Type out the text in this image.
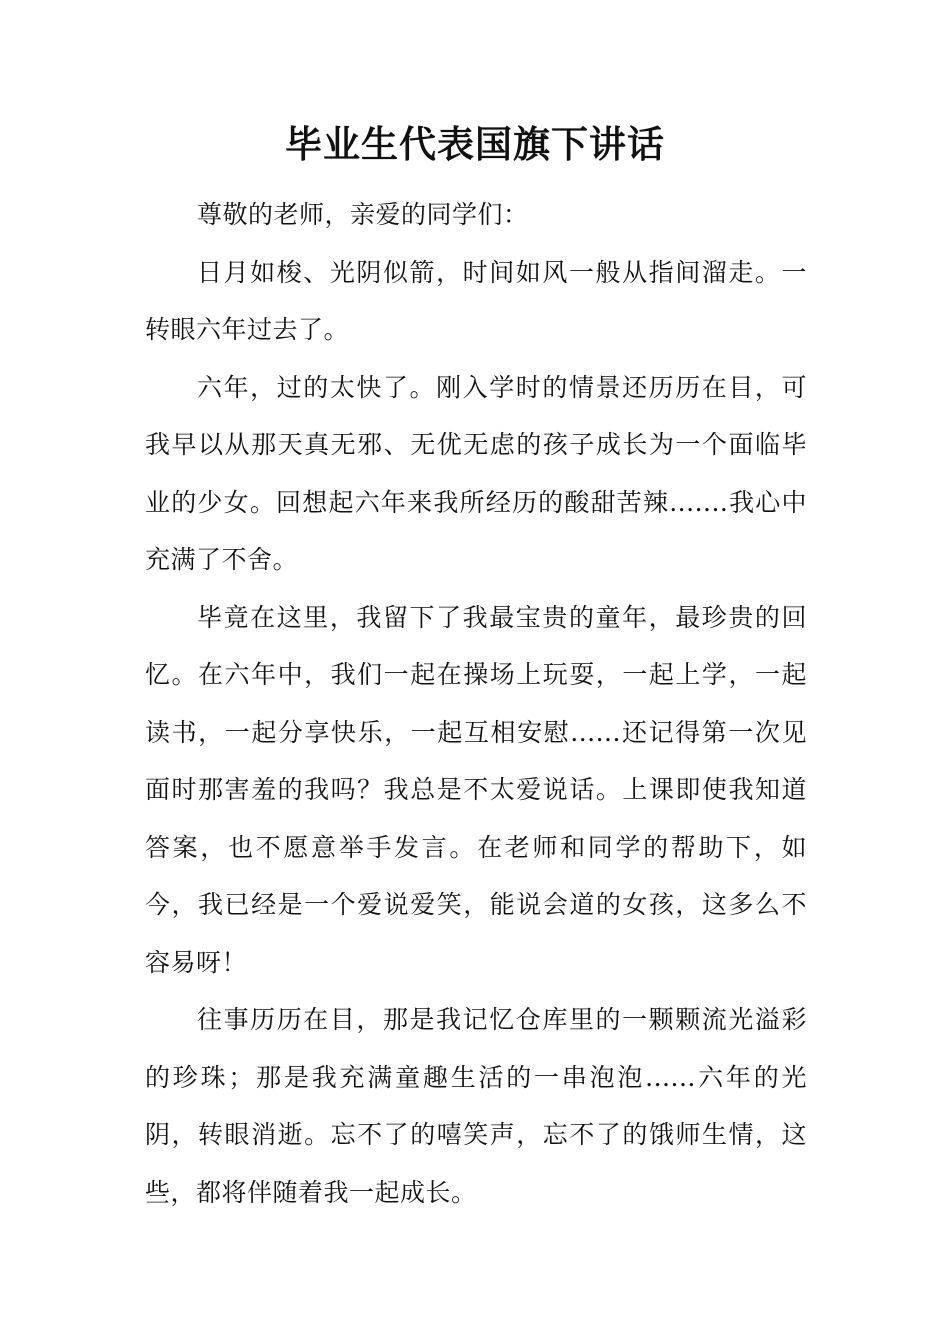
毕业生代表国旗下讲话

尊敬的老师，亲爱的同学们：

日月如梭、光阴似箭，时间如风一般从指间溜走。一转眼六年过去了。

六年，过的太快了。刚入学时的情景还历历在目，可我早以从那天真无邪、无优无虑的孩子成长为一个面临毕业的少女。回想起六年来我所经历的酸甜苦辣.......我心中充满了不舍。

毕竟在这里，我留下了我最宝贵的童年，最珍贵的回忆。在六年中，我们一起在操场上玩耍，一起上学，一起读书，一起分享快乐，一起互相安慰......还记得第一次见面时那害羞的我吗？我总是不太爱说话。上课即使我知道答案，也不愿意举手发言。在老师和同学的帮助下，如今，我已经是一个爱说爱笑，能说会道的女孩，这多么不容易呀！

往事历历在目，那是我记忆仓库里的一颗颗流光溢彩的珍珠；那是我充满童趣生活的一串泡泡......六年的光阴，转眼消逝。忘不了的嘻笑声，忘不了的饿师生情，这些，都将伴随着我一起成长。
